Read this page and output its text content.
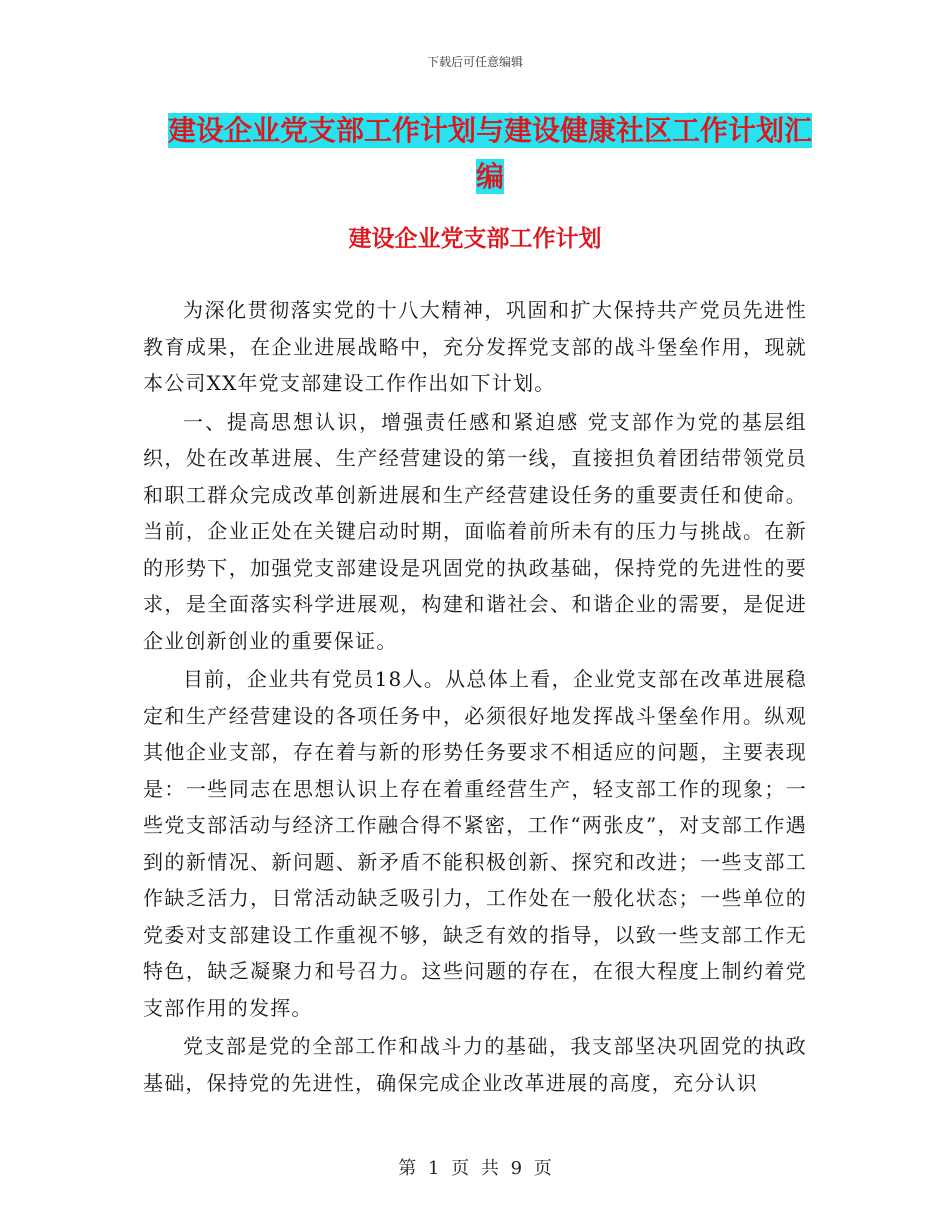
下载后可任意编辑
建设企业党支部工作计划与建设健康社区工作计划汇
编
建设企业党支部工作计划

为深化贯彻落实党的十八大精神，巩固和扩大保持共产党员先进性教育成果，在企业进展战略中，充分发挥党支部的战斗堡垒作用，现就本公司XX年党支部建设工作作出如下计划。

一、提高思想认识，增强责任感和紧迫感 党支部作为党的基层组织，处在改革进展、生产经营建设的第一线，直接担负着团结带领党员和职工群众完成改革创新进展和生产经营建设任务的重要责任和使命。当前，企业正处在关键启动时期，面临着前所未有的压力与挑战。在新的形势下，加强党支部建设是巩固党的执政基础，保持党的先进性的要求，是全面落实科学进展观，构建和谐社会、和谐企业的需要，是促进企业创新创业的重要保证。

目前，企业共有党员18人。从总体上看，企业党支部在改革进展稳定和生产经营建设的各项任务中，必须很好地发挥战斗堡垒作用。纵观其他企业支部，存在着与新的形势任务要求不相适应的问题，主要表现是：一些同志在思想认识上存在着重经营生产，轻支部工作的现象；一些党支部活动与经济工作融合得不紧密，工作“两张皮”，对支部工作遇到的新情况、新问题、新矛盾不能积极创新、探究和改进；一些支部工作缺乏活力，日常活动缺乏吸引力，工作处在一般化状态；一些单位的党委对支部建设工作重视不够，缺乏有效的指导，以致一些支部工作无特色，缺乏凝聚力和号召力。这些问题的存在，在很大程度上制约着党支部作用的发挥。

党支部是党的全部工作和战斗力的基础，我支部坚决巩固党的执政基础，保持党的先进性，确保完成企业改革进展的高度，充分认识

第 1 页 共 9 页
